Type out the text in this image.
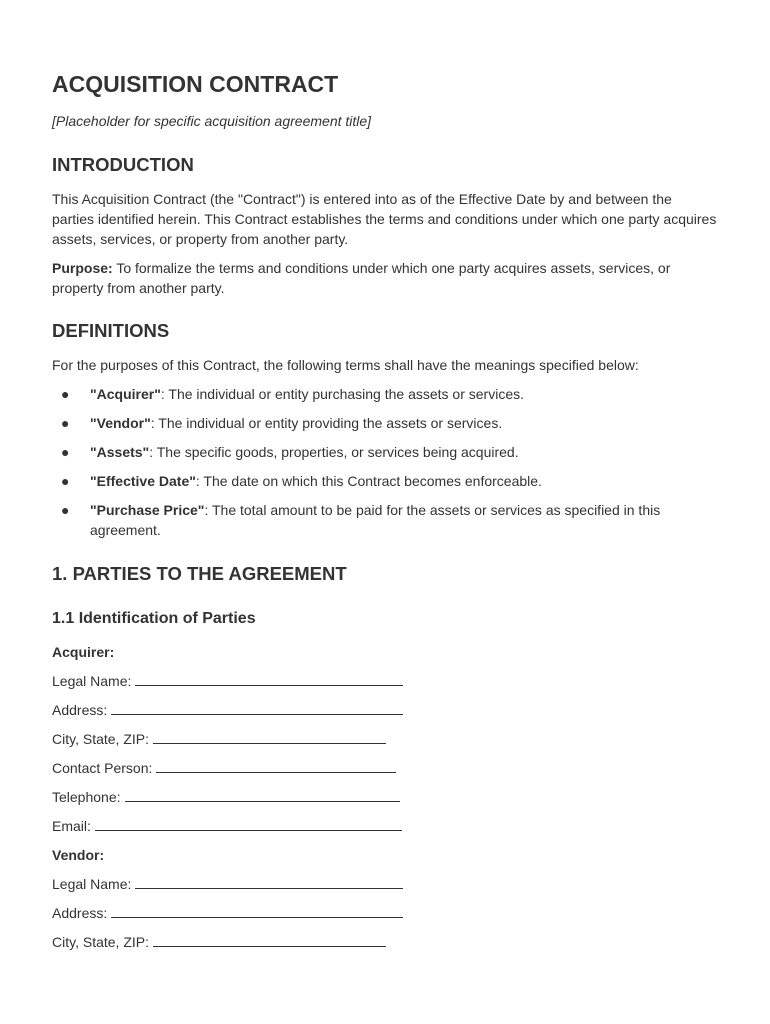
ACQUISITION CONTRACT
[Placeholder for specific acquisition agreement title]
INTRODUCTION

This Acquisition Contract (the "Contract") is entered into as of the Effective Date by and between the parties identified herein. This Contract establishes the terms and conditions under which one party acquires assets, services, or property from another party.

Purpose: To formalize the terms and conditions under which one party acquires assets, services, or property from another party.

DEFINITIONS

For the purposes of this Contract, the following terms shall have the meanings specified below:

● "Acquirer": The individual or entity purchasing the assets or services.
● "Vendor": The individual or entity providing the assets or services.
● "Assets": The specific goods, properties, or services being acquired.
● "Effective Date": The date on which this Contract becomes enforceable.
● "Purchase Price": The total amount to be paid for the assets or services as specified in this agreement.
1. PARTIES TO THE AGREEMENT
1.1 Identification of Parties
Acquirer:
Legal Name:
Address:
City, State, ZIP:
Contact Person:
Telephone:
Email:
Vendor:
Legal Name:
Address:
City, State, ZIP:
